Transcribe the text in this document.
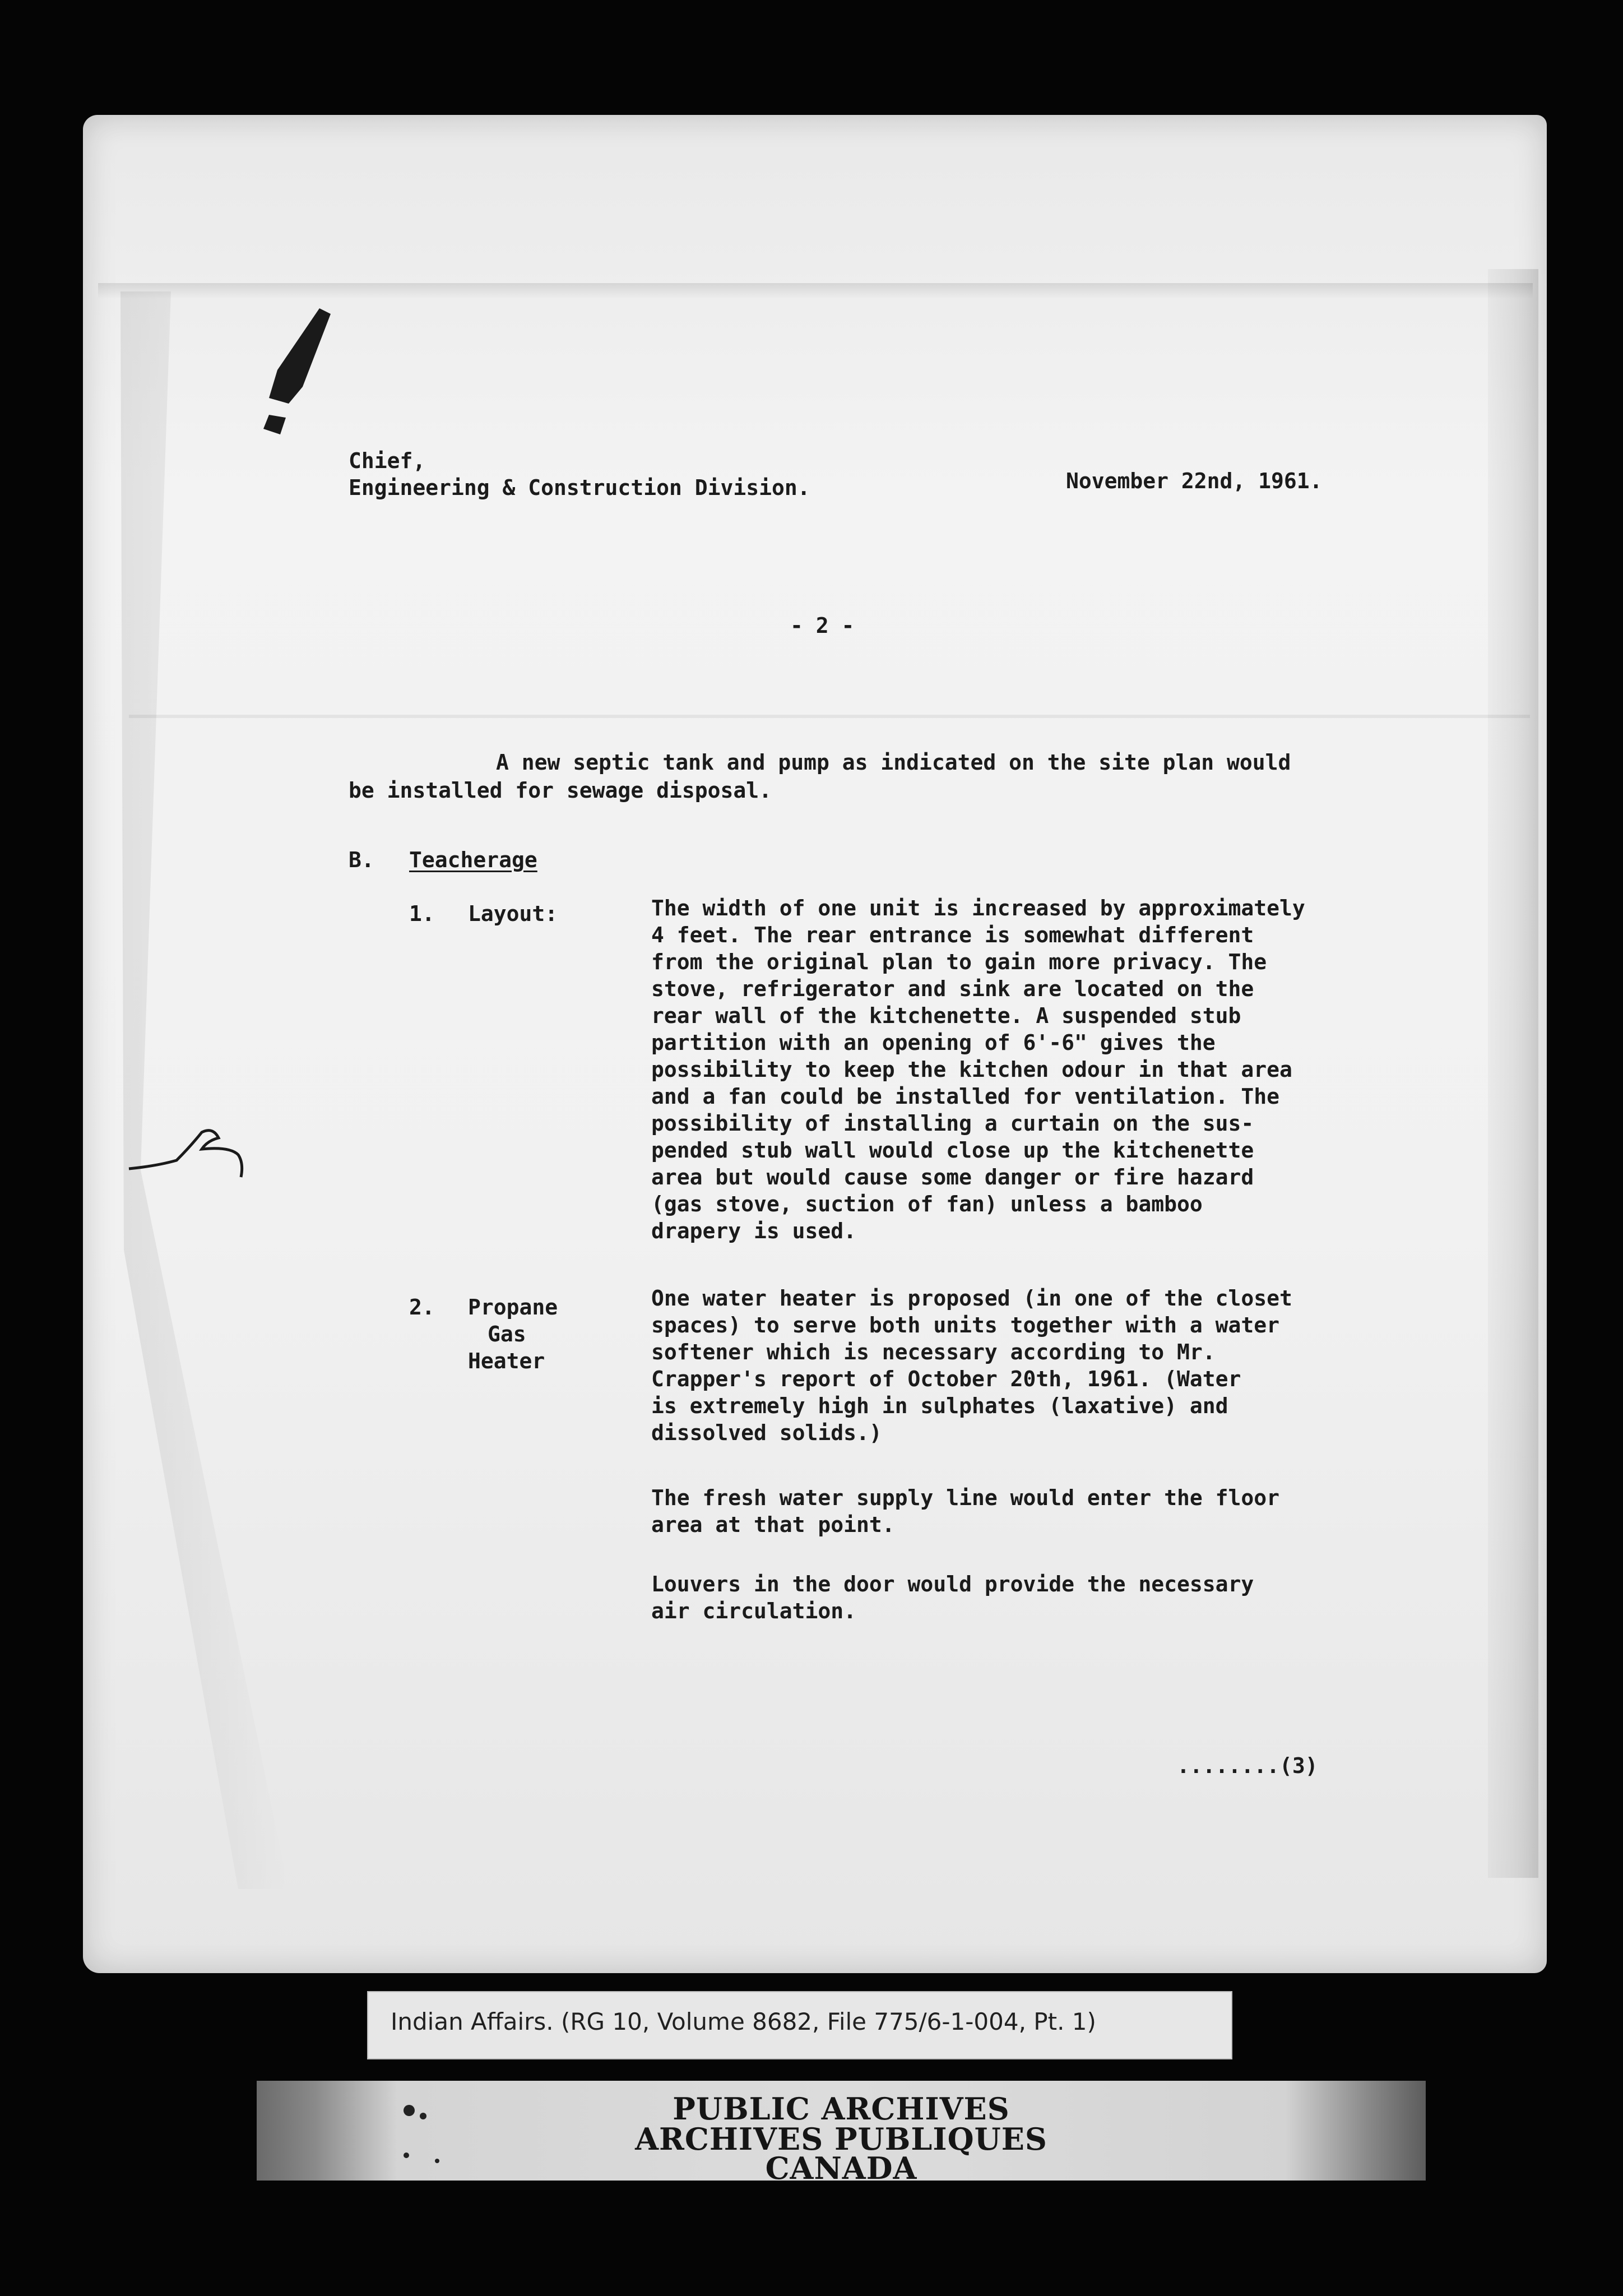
Chief,

Engineering & Construction Division.	November 22nd, 1961.

- 2 -

A new septic tank and pump as indicated on the site plan would

be installed for sewage disposal.

B. Teacherage

1. Layout:	The width of one unit is increased by approximately

4 feet. The rear entrance is somewhat different

from the original plan to gain more privacy. The

stove, refrigerator and sink are located on the

rear wall of the kitchenette. A suspended stub

partition with an opening of 6'-6" gives the

possibility to keep the kitchen odour in that area

and a fan could be installed for ventilation. The

possibility of installing a curtain on the sus-

pended stub wall would close up the kitchenette

area but would cause some danger or fire hazard

(gas stove, suction of fan) unless a bamboo

drapery is used.

2. Propane

Gas

Heater

One water heater is proposed (in one of the closet

spaces) to serve both units together with a water

softener which is necessary according to Mr.

Crapper's report of October 20th, 1961. (Water

is extremely high in sulphates (laxative) and

dissolved solids.)

The fresh water supply line would enter the floor

area at that point.

Louvers in the door would provide the necessary

air circulation.

........(3)

Indian Affairs. (RG 10, Volume 8682, File 775/6-1-004, Pt. 1)
PUBLIC ARCHIVES
ARCHIVES PUBLIQUES
CANADA
